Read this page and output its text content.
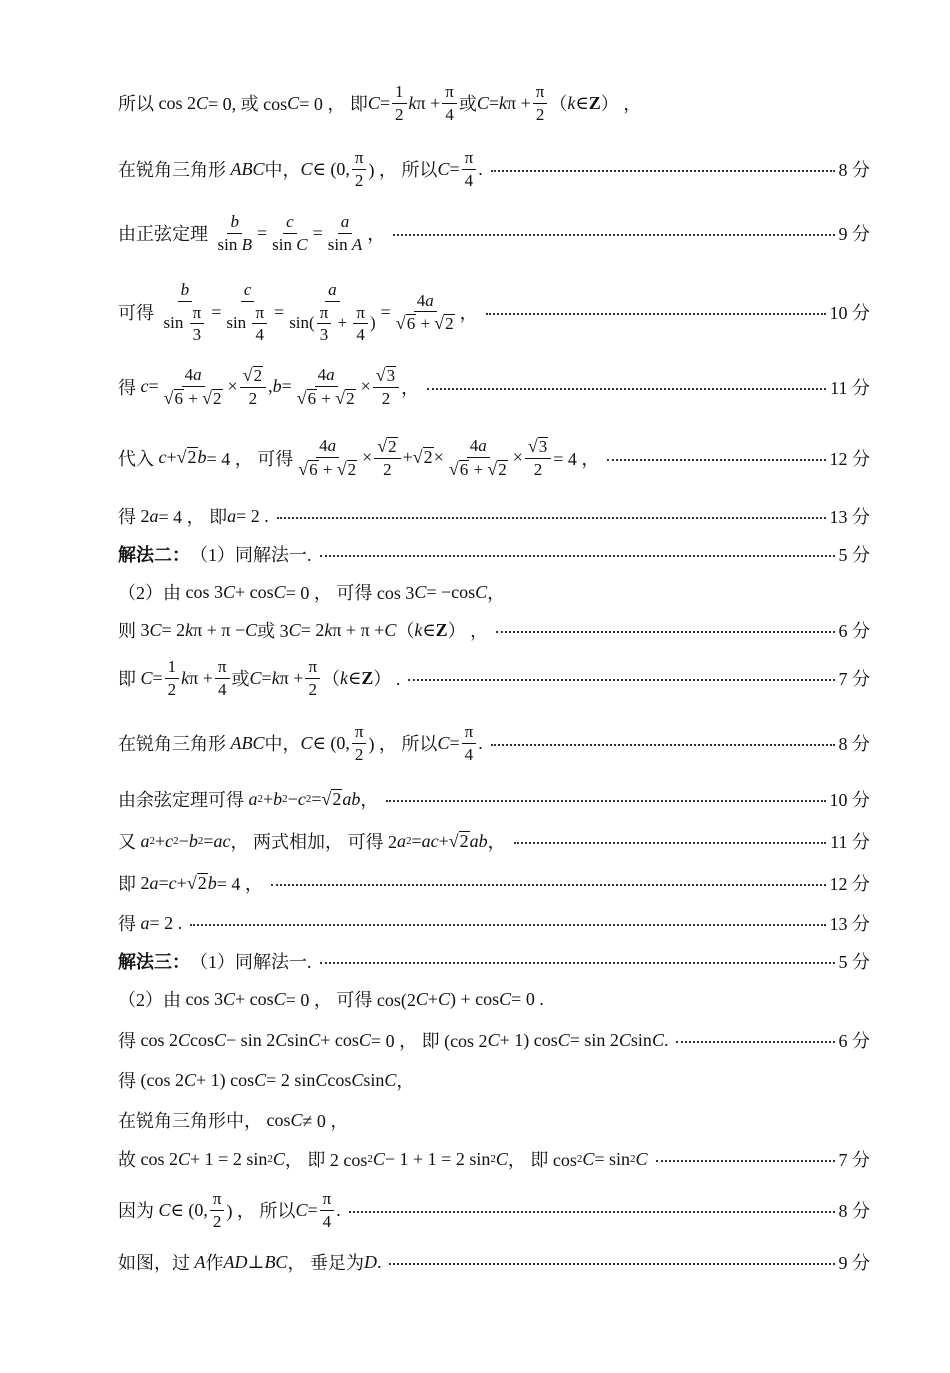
所以 cos 2 C = 0, 或 cos C = 0 ， 即 $C = \frac{1}{2}$ k $\pi + \frac{\pi}{4}$ 或 C = k $\pi + \frac{\pi}{2}$ （ k ∈ Z ） ，
在锐角三角形
ABC 中， C ∈ (0, $\frac{\pi}{2}$ ) ， 所以 $C = \frac{\pi}{4}$ .	8 分
由正弦定理
$\frac{b}{\text{sin B}} = \frac{c}{\text{sin C}} = \frac{a}{\text{sin A}}$ ，	9 分
可得
$\frac{b}{\sin \frac{\pi}{3}} = \frac{c}{\sin \frac{\pi}{4}} = \frac{a}{\sin( \frac{\pi}{3} + \frac{\pi}{4} )} = \frac{4a}{√ 6 + √ 2}$ ，	10 分
得
$c = \frac{4a}{√ 6 + √ 2} \times \frac{√ 2}{2}$ , $b = \frac{4a}{√ 6 + √ 2} \times \frac{√ 3}{2}$ ，	11 分
代入
c + √ 2 b = 4 ， 可得 $\frac{4a}{√ 6 + √ 2} \times \frac{√ 2}{2}$ + √ $2 \times \frac{4a}{√ 6 + √ 2} \times \frac{√ 3}{2} = 4$ ，	12 分
得 2 a = 4 ， 即 a = 2 .	13 分
解法二： （1）同解法一.	5 分
（2）由 cos 3 C + cos C = 0 ， 可得 cos 3 C = −cos C ，
则 3 C = 2 k π + π − C 或 3 C = 2 k π + π + C （ k ∈ Z ） ，	6 分
即
$C = \frac{1}{2}$ k $\pi + \frac{\pi}{4}$ 或 C = k $\pi + \frac{\pi}{2}$ （ k ∈ Z ） .	7 分
在锐角三角形
ABC 中， C ∈ (0, $\frac{\pi}{2}$ ) ， 所以 $C = \frac{\pi}{4}$ .	8 分
由余弦定理可得
a 2 + b 2 − c 2 = √ 2 ab ，	10 分
又
a 2 + c 2 − b 2 = ac ， 两式相加， 可得 2 a 2 = ac + √ 2 ab ，	11 分
即 2 a = c + √ 2 b = 4 ，	12 分
得
a = 2 .	13 分
解法三： （1）同解法一.	5 分
（2）由 cos 3 C + cos C = 0 ， 可得 cos(2 C + C ) + cos C = 0 .
得 cos 2 C cos C − sin 2 C sin C + cos C = 0 ， 即 (cos 2 C + 1) cos C = sin 2 C sin C .	6 分
得 (cos 2 C + 1) cos C = 2 sin C cos C sin C ，
在锐角三角形中， cos C ≠ 0 ，
故 cos 2 C + 1 = 2 sin 2 C ， 即 2 cos 2 C − 1 + 1 = 2 sin 2 C ， 即 cos 2 C = sin 2 C	7 分
因为
C ∈ (0, $\frac{\pi}{2}$ ) ， 所以 $C = \frac{\pi}{4}$ .	8 分
如图，过
A 作 AD ⊥ BC ， 垂足为 D .	9 分
